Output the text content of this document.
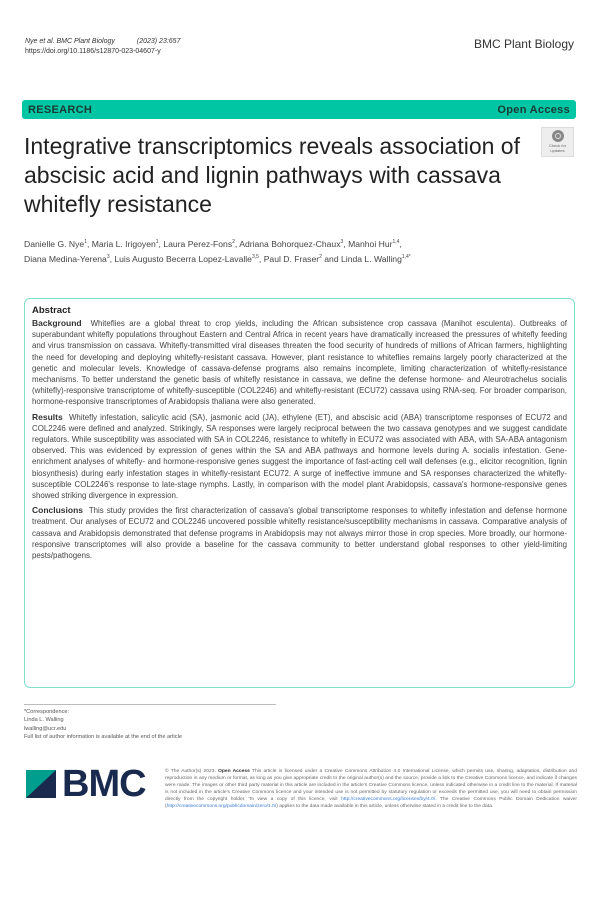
Nye et al. BMC Plant Biology	(2023) 23:657
https://doi.org/10.1186/s12870-023-04607-y
BMC Plant Biology
RESEARCH	Open Access
Check for
updates
Integrative transcriptomics reveals association of abscisic acid and lignin pathways with cassava whitefly resistance
Danielle G. Nye$^1$, Maria L. Irigoyen$^1$, Laura Perez-Fons$^2$, Adriana Bohorquez-Chaux$^3$, Manhoi Hur$^{1,4}$,
Diana Medina-Yerena$^3$, Luis Augusto Becerra Lopez-Lavalle$^{3,5}$, Paul D. Fraser$^2$ and Linda L. Walling$^{1,4*}$
Abstract

Background Whiteflies are a global threat to crop yields, including the African subsistence crop cassava (Manihot esculenta). Outbreaks of superabundant whitefly populations throughout Eastern and Central Africa in recent years have dramatically increased the pressures of whitefly feeding and virus transmission on cassava. Whitefly-transmitted viral diseases threaten the food security of hundreds of millions of African farmers, highlighting the need for developing and deploying whitefly-resistant cassava. However, plant resistance to whiteflies remains largely poorly characterized at the genetic and molecular levels. Knowledge of cassava-defense programs also remains incomplete, limiting characterization of whitefly-resistance mechanisms. To better understand the genetic basis of whitefly resistance in cassava, we define the defense hormone- and Aleurotrachelus socialis (whitefly)-responsive transcriptome of whitefly-susceptible (COL2246) and whitefly-resistant (ECU72) cassava using RNA-seq. For broader comparison, hormone-responsive transcriptomes of Arabidopsis thaliana were also generated.

Results Whitefly infestation, salicylic acid (SA), jasmonic acid (JA), ethylene (ET), and abscisic acid (ABA) transcriptome responses of ECU72 and COL2246 were defined and analyzed. Strikingly, SA responses were largely reciprocal between the two cassava genotypes and we suggest candidate regulators. While susceptibility was associated with SA in COL2246, resistance to whitefly in ECU72 was associated with ABA, with SA-ABA antagonism observed. This was evidenced by expression of genes within the SA and ABA pathways and hormone levels during A. socialis infestation. Gene-enrichment analyses of whitefly- and hormone-responsive genes suggest the importance of fast-acting cell wall defenses (e.g., elicitor recognition, lignin biosynthesis) during early infestation stages in whitefly-resistant ECU72. A surge of ineffective immune and SA responses characterized the whitefly-susceptible COL2246's response to late-stage nymphs. Lastly, in comparison with the model plant Arabidopsis, cassava's hormone-responsive genes showed striking divergence in expression.

Conclusions This study provides the first characterization of cassava's global transcriptome responses to whitefly infestation and defense hormone treatment. Our analyses of ECU72 and COL2246 uncovered possible whitefly resistance/susceptibility mechanisms in cassava. Comparative analysis of cassava and Arabidopsis demonstrated that defense programs in Arabidopsis may not always mirror those in crop species. More broadly, our hormone-responsive transcriptomes will also provide a baseline for the cassava community to better understand global responses to other yield-limiting pests/pathogens.

*Correspondence:
Linda L. Walling
lwalling@ucr.edu
Full list of author information is available at the end of the article
BMC	© The Author(s) 2023. Open Access This article is licensed under a Creative Commons Attribution 4.0 International License, which permits use, sharing, adaptation, distribution and reproduction in any medium or format, as long as you give appropriate credit to the original author(s) and the source, provide a link to the Creative Commons licence, and indicate if changes were made. The images or other third party material in this article are included in the article's Creative Commons licence, unless indicated otherwise in a credit line to the material. If material is not included in the article's Creative Commons licence and your intended use is not permitted by statutory regulation or exceeds the permitted use, you will need to obtain permission directly from the copyright holder. To view a copy of this licence, visit http://creativecommons.org/licenses/by/4.0/. The Creative Commons Public Domain Dedication waiver (http://creativecommons.org/publicdomain/zero/1.0/) applies to the data made available in this article, unless otherwise stated in a credit line to the data.
